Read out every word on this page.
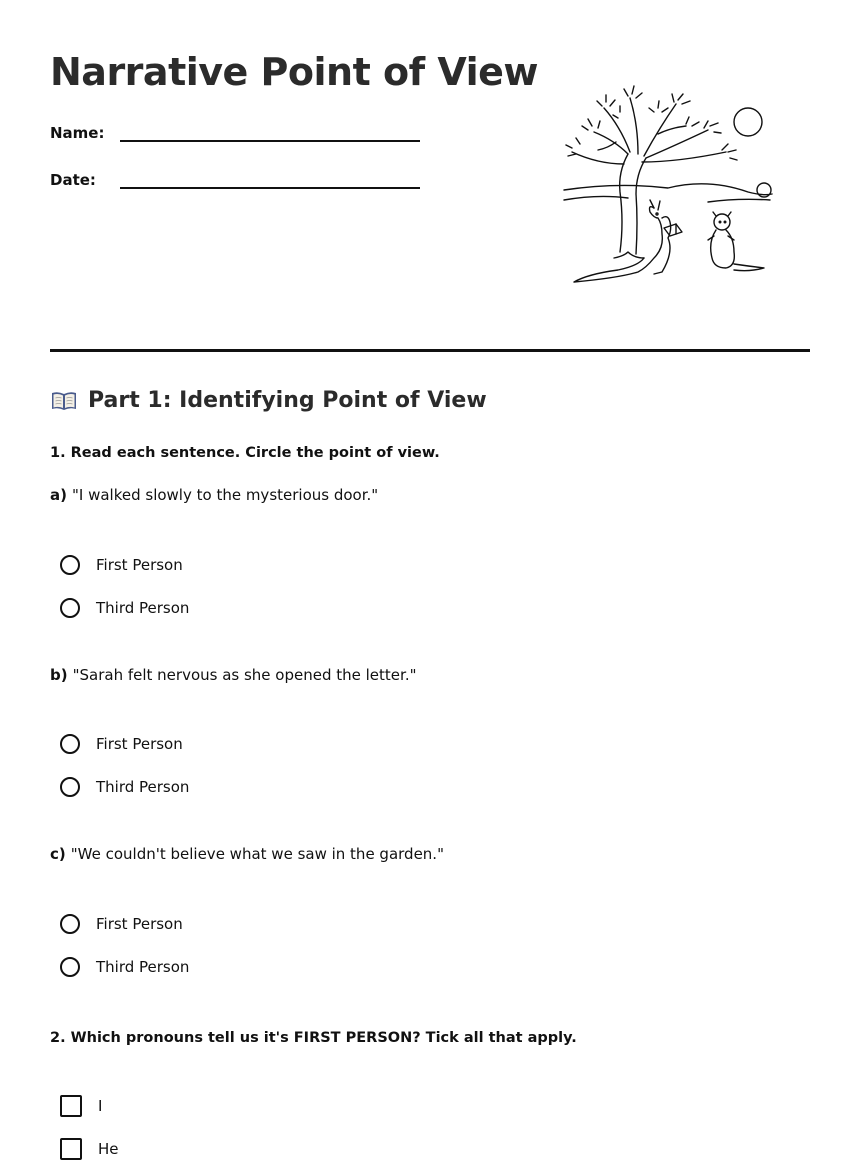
Narrative Point of View
Name:
Date:
Part 1: Identifying Point of View

1. Read each sentence. Circle the point of view.

a) "I walked slowly to the mysterious door."
First Person
Third Person
b) "Sarah felt nervous as she opened the letter."
First Person
Third Person
c) "We couldn't believe what we saw in the garden."
First Person
Third Person

2. Which pronouns tell us it's FIRST PERSON? Tick all that apply.

I
He
